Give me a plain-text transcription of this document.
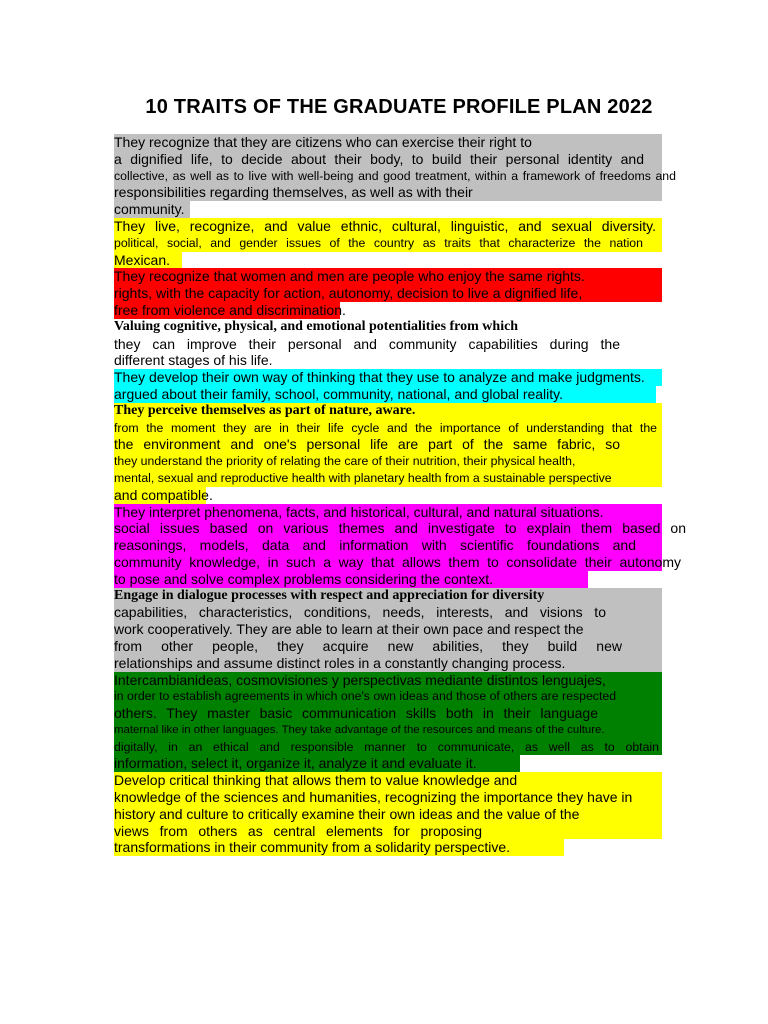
10 TRAITS OF THE GRADUATE PROFILE PLAN 2022
They recognize that they are citizens who can exercise their right to
a dignified life, to decide about their body, to build their personal identity and
collective, as well as to live with well-being and good treatment, within a framework of freedoms and
responsibilities regarding themselves, as well as with their
community.
They live, recognize, and value ethnic, cultural, linguistic, and sexual diversity.
political, social, and gender issues of the country as traits that characterize the nation
Mexican.
They recognize that women and men are people who enjoy the same rights.
rights, with the capacity for action, autonomy, decision to live a dignified life,
free from violence and discrimination.
Valuing cognitive, physical, and emotional potentialities from which
they can improve their personal and community capabilities during the
different stages of his life.
They develop their own way of thinking that they use to analyze and make judgments.
argued about their family, school, community, national, and global reality.
They perceive themselves as part of nature, aware.
from the moment they are in their life cycle and the importance of understanding that the
the environment and one's personal life are part of the same fabric, so
they understand the priority of relating the care of their nutrition, their physical health,
mental, sexual and reproductive health with planetary health from a sustainable perspective
and compatible.
They interpret phenomena, facts, and historical, cultural, and natural situations.
social issues based on various themes and investigate to explain them based on
reasonings, models, data and information with scientific foundations and
community knowledge, in such a way that allows them to consolidate their autonomy
to pose and solve complex problems considering the context.
Engage in dialogue processes with respect and appreciation for diversity
capabilities, characteristics, conditions, needs, interests, and visions to
work cooperatively. They are able to learn at their own pace and respect the
from other people, they acquire new abilities, they build new
relationships and assume distinct roles in a constantly changing process.
Intercambianideas, cosmovisiones y perspectivas mediante distintos lenguajes,
in order to establish agreements in which one's own ideas and those of others are respected
others. They master basic communication skills both in their language
maternal like in other languages. They take advantage of the resources and means of the culture.
digitally, in an ethical and responsible manner to communicate, as well as to obtain
information, select it, organize it, analyze it and evaluate it.
Develop critical thinking that allows them to value knowledge and
knowledge of the sciences and humanities, recognizing the importance they have in
history and culture to critically examine their own ideas and the value of the
views from others as central elements for proposing
transformations in their community from a solidarity perspective.
